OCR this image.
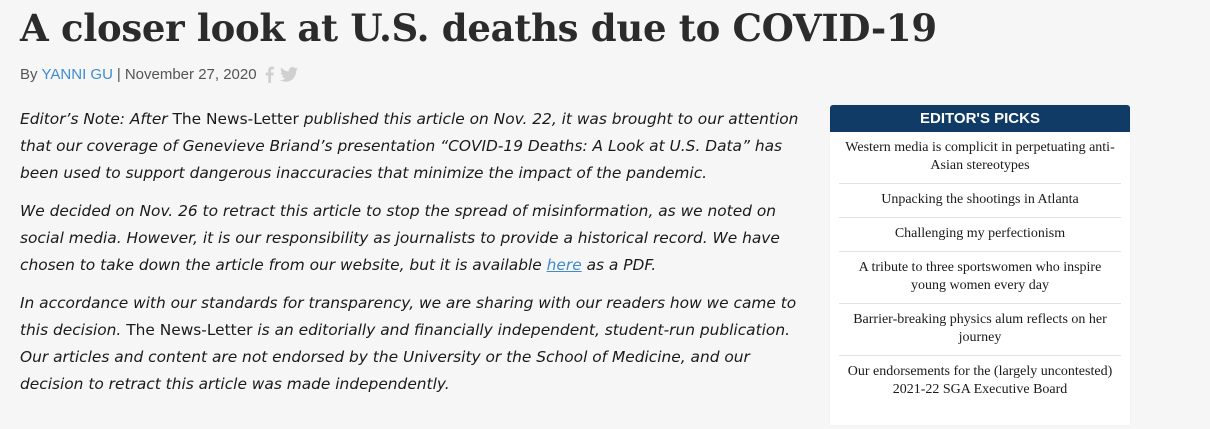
A closer look at U.S. deaths due to COVID-19
By YANNI GU | November 27, 2020

Editor’s Note: After The News-Letter published this article on Nov. 22, it was brought to our attention that our coverage of Genevieve Briand’s presentation “COVID-19 Deaths: A Look at U.S. Data” has been used to support dangerous inaccuracies that minimize the impact of the pandemic.

We decided on Nov. 26 to retract this article to stop the spread of misinformation, as we noted on social media. However, it is our responsibility as journalists to provide a historical record. We have chosen to take down the article from our website, but it is available here as a PDF.

In accordance with our standards for transparency, we are sharing with our readers how we came to this decision. The News-Letter is an editorially and financially independent, student-run publication. Our articles and content are not endorsed by the University or the School of Medicine, and our decision to retract this article was made independently.

EDITOR'S PICKS
Western media is complicit in perpetuating anti-Asian stereotypes
Unpacking the shootings in Atlanta
Challenging my perfectionism
A tribute to three sportswomen who inspire young women every day
Barrier-breaking physics alum reflects on her journey
Our endorsements for the (largely uncontested) 2021-22 SGA Executive Board
